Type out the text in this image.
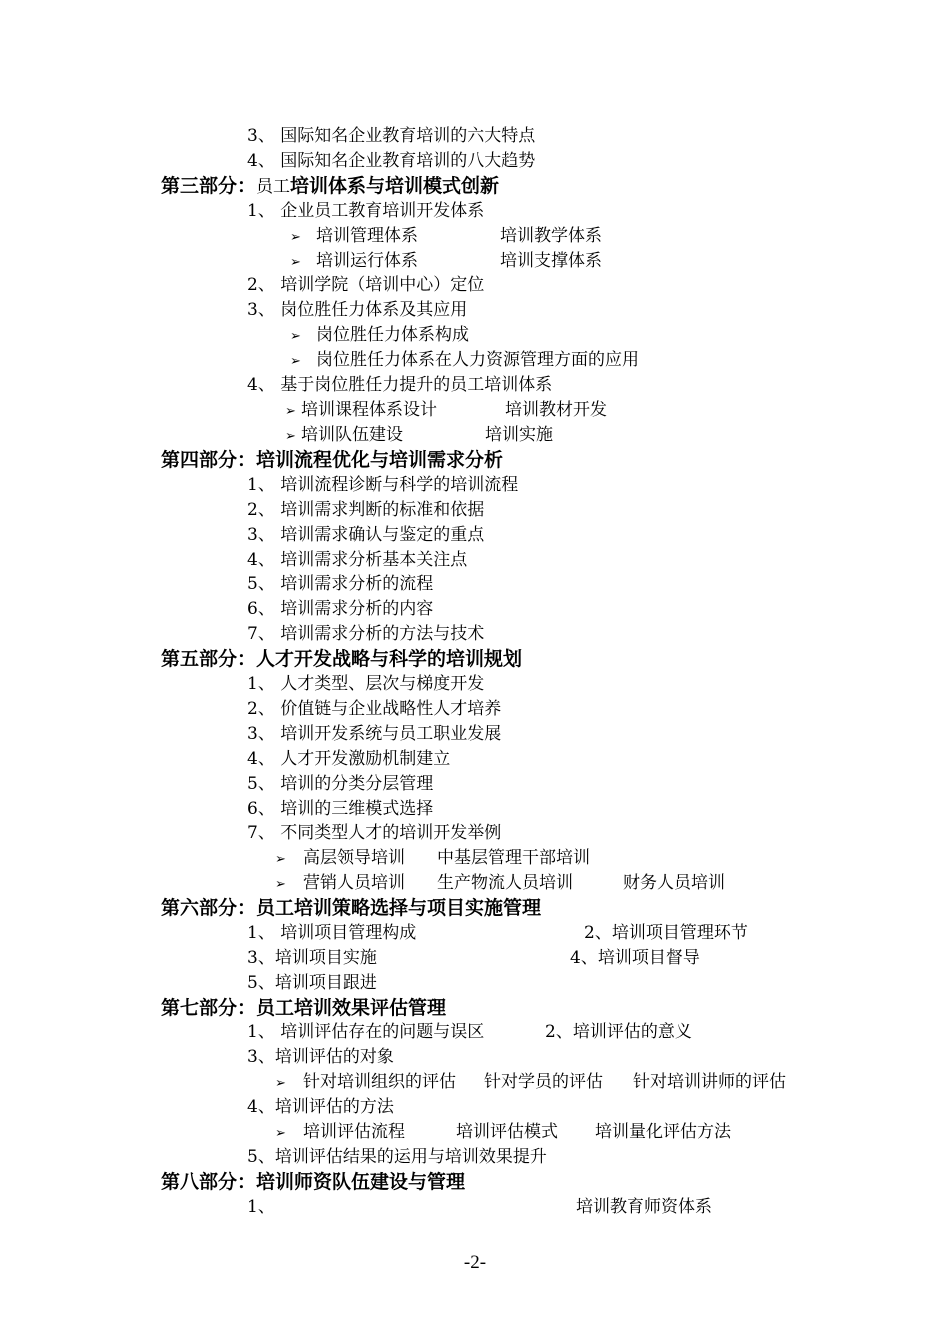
3、 国际知名企业教育培训的六大特点
4、 国际知名企业教育培训的八大趋势
第三部分：员工培训体系与培训模式创新
1、 企业员工教育培训开发体系
➢ 培训管理体系	培训教学体系
➢ 培训运行体系	培训支撑体系
2、 培训学院（培训中心）定位
3、 岗位胜任力体系及其应用
➢ 岗位胜任力体系构成
➢ 岗位胜任力体系在人力资源管理方面的应用
4、 基于岗位胜任力提升的员工培训体系
➢ 培训课程体系设计	培训教材开发
➢ 培训队伍建设	培训实施
第四部分：培训流程优化与培训需求分析
1、 培训流程诊断与科学的培训流程
2、 培训需求判断的标准和依据
3、 培训需求确认与鉴定的重点
4、 培训需求分析基本关注点
5、 培训需求分析的流程
6、 培训需求分析的内容
7、 培训需求分析的方法与技术
第五部分：人才开发战略与科学的培训规划
1、 人才类型、层次与梯度开发
2、 价值链与企业战略性人才培养
3、 培训开发系统与员工职业发展
4、 人才开发激励机制建立
5、 培训的分类分层管理
6、 培训的三维模式选择
7、 不同类型人才的培训开发举例
➢ 高层领导培训 中基层管理干部培训
➢ 营销人员培训 生产物流人员培训	财务人员培训
第六部分：员工培训策略选择与项目实施管理
1、 培训项目管理构成	2、培训项目管理环节
3、培训项目实施	4、培训项目督导
5、培训项目跟进
第七部分：员工培训效果评估管理
1、 培训评估存在的问题与误区	2、培训评估的意义
3、培训评估的对象
➢ 针对培训组织的评估 针对学员的评估 针对培训讲师的评估
4、培训评估的方法
➢ 培训评估流程	培训评估模式 培训量化评估方法
5、培训评估结果的运用与培训效果提升
第八部分：培训师资队伍建设与管理
1、	培训教育师资体系
-2-
